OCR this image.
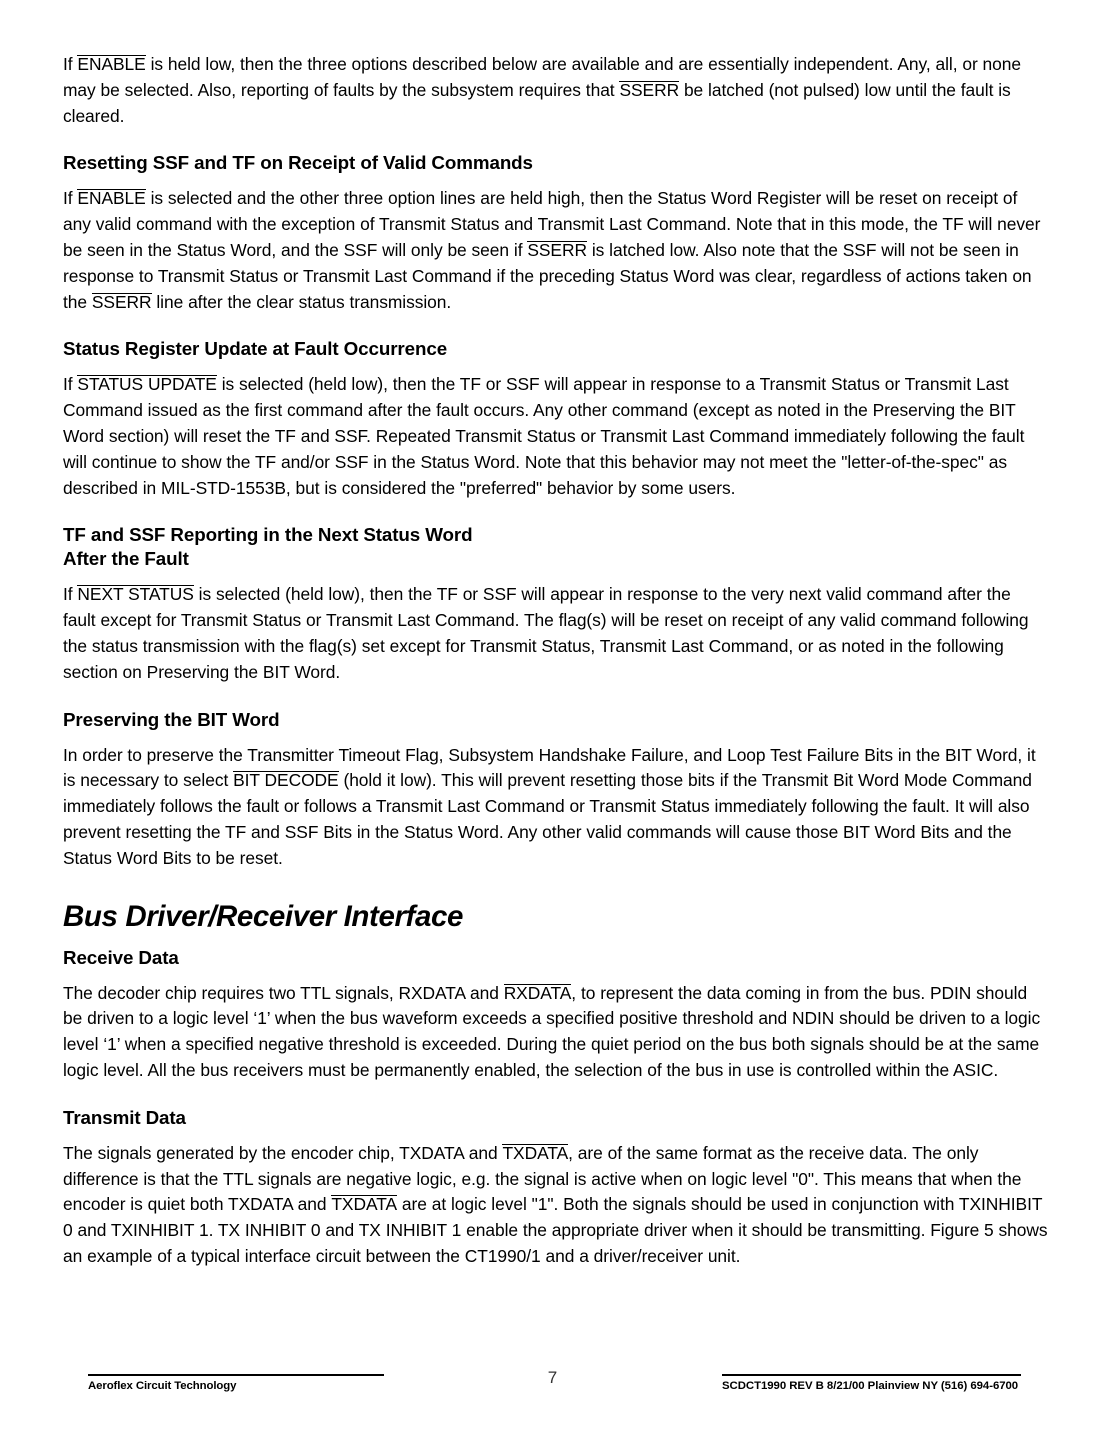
If ENABLE is held low, then the three options described below are available and are essentially independent. Any, all, or none may be selected. Also, reporting of faults by the subsystem requires that SSERR be latched (not pulsed) low until the fault is cleared.

Resetting SSF and TF on Receipt of Valid Commands

If ENABLE is selected and the other three option lines are held high, then the Status Word Register will be reset on receipt of any valid command with the exception of Transmit Status and Transmit Last Command. Note that in this mode, the TF will never be seen in the Status Word, and the SSF will only be seen if SSERR is latched low. Also note that the SSF will not be seen in response to Transmit Status or Transmit Last Command if the preceding Status Word was clear, regardless of actions taken on the SSERR line after the clear status transmission.

Status Register Update at Fault Occurrence

If STATUS UPDATE is selected (held low), then the TF or SSF will appear in response to a Transmit Status or Transmit Last Command issued as the first command after the fault occurs. Any other command (except as noted in the Preserving the BIT Word section) will reset the TF and SSF. Repeated Transmit Status or Transmit Last Command immediately following the fault will continue to show the TF and/or SSF in the Status Word. Note that this behavior may not meet the "letter-of-the-spec" as described in MIL-STD-1553B, but is considered the "preferred" behavior by some users.

TF and SSF Reporting in the Next Status Word
After the Fault

If NEXT STATUS is selected (held low), then the TF or SSF will appear in response to the very next valid command after the fault except for Transmit Status or Transmit Last Command. The flag(s) will be reset on receipt of any valid command following the status transmission with the flag(s) set except for Transmit Status, Transmit Last Command, or as noted in the following section on Preserving the BIT Word.

Preserving the BIT Word

In order to preserve the Transmitter Timeout Flag, Subsystem Handshake Failure, and Loop Test Failure Bits in the BIT Word, it is necessary to select BIT DECODE (hold it low). This will prevent resetting those bits if the Transmit Bit Word Mode Command immediately follows the fault or follows a Transmit Last Command or Transmit Status immediately following the fault. It will also prevent resetting the TF and SSF Bits in the Status Word. Any other valid commands will cause those BIT Word Bits and the Status Word Bits to be reset.

Bus Driver/Receiver Interface
Receive Data

The decoder chip requires two TTL signals, RXDATA and RXDATA, to represent the data coming in from the bus. PDIN should be driven to a logic level ‘1’ when the bus waveform exceeds a specified positive threshold and NDIN should be driven to a logic level ‘1’ when a specified negative threshold is exceeded. During the quiet period on the bus both signals should be at the same logic level. All the bus receivers must be permanently enabled, the selection of the bus in use is controlled within the ASIC.

Transmit Data

The signals generated by the encoder chip, TXDATA and TXDATA, are of the same format as the receive data. The only difference is that the TTL signals are negative logic, e.g. the signal is active when on logic level "0". This means that when the encoder is quiet both TXDATA and TXDATA are at logic level "1". Both the signals should be used in conjunction with TXINHIBIT 0 and TXINHIBIT 1. TX INHIBIT 0 and TX INHIBIT 1 enable the appropriate driver when it should be transmitting. Figure 5 shows an example of a typical interface circuit between the CT1990/1 and a driver/receiver unit.

Aeroflex Circuit Technology	7	SCDCT1990 REV B 8/21/00 Plainview NY (516) 694-6700
